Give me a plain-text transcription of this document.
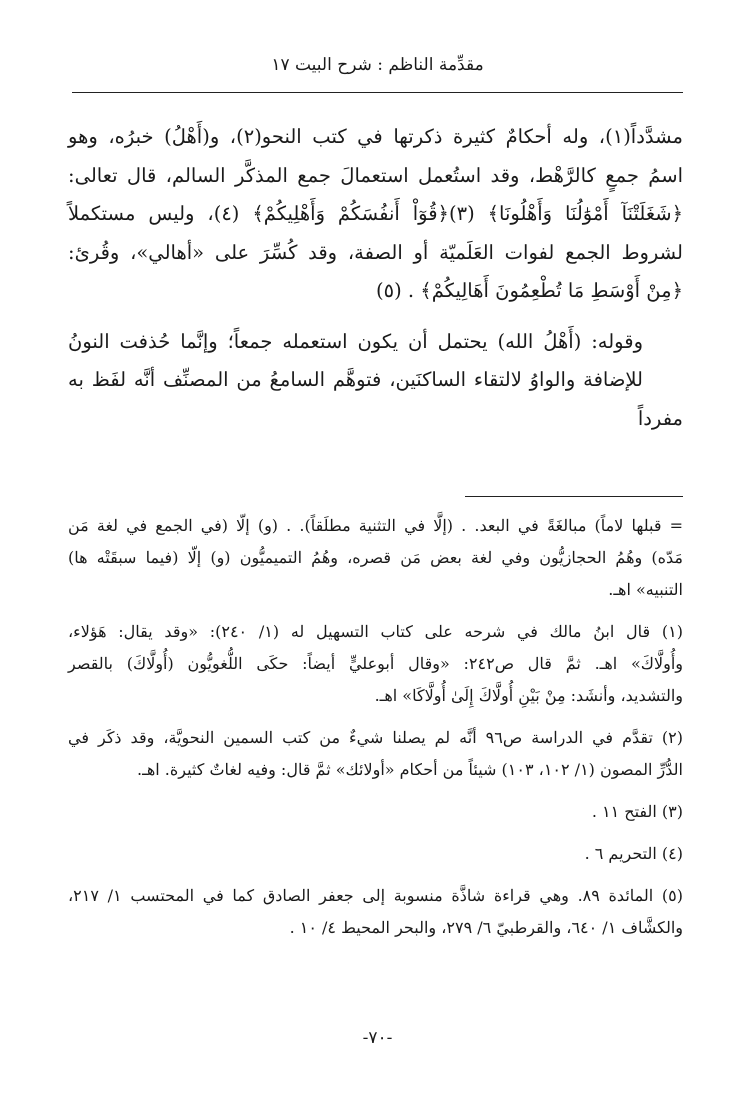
مقدِّمة الناظم : شرح البيت ١٧

مشدَّداً(١)، وله أحكامٌ كثيرة ذكرتها في كتب النحو(٢)، و(أَهْلُ) خبرُه، وهو
اسمُ جمعٍ كالرَّهْط، وقد استُعمل استعمالَ جمع المذكَّر السالم، قال تعالى:
﴿شَغَلَتْنَآ أَمْوَٰلُنَا وَأَهْلُونَا﴾ (٣)﴿قُوٓاْ أَنفُسَكُمْ وَأَهْلِيكُمْ﴾ (٤)، وليس مستكملاً
لشروط الجمع لفوات العَلَميّة أو الصفة، وقد كُسِّرَ على «أهالي»، وقُرئ:
﴿مِنْ أَوْسَطِ مَا تُطْعِمُونَ أَهَالِيكُمْ﴾ . (٥)

وقوله: (أَهْلُ الله) يحتمل أن يكون استعمله جمعاً؛ وإنَّما حُذفت النونُ
للإضافة والواوُ لالتقاء الساكنَين، فتوهَّم السامعُ من المصنِّف أنَّه لفَظ به مفرداً

= قبلها لاماً) مبالغَةً في البعد. . (إلَّا في التثنية مطلَقاً). . (و) إلّا (في الجمع في لغة مَن
مَدّه) وهُمُ الحجازيُّون وفي لغة بعض مَن قصره، وهُمُ التميميُّون (و) إلّا (فيما سبقَتْه ها)
التنبيه» اهـ.

(١) قال ابنُ مالك في شرحه على كتاب التسهيل له (١/ ٢٤٠): «وقد يقال: هَؤلاء،
وأُولَّاكَ» اهـ. ثمَّ قال ص٢٤٢: «وقال أبوعليٍّ أيضاً: حكَى اللُّغويُّون (أُولَّاكَ) بالقصر
والتشديد، وأنشَد: مِنْ بَيْنِ أُولَّاكَ إِلَىٰ أُولَّاكَا» اهـ.

(٢) تقدَّم في الدراسة ص٩٦ أنَّه لم يصلنا شيءٌ من كتب السمين النحويَّة، وقد ذكَر في
الدُّرِّ المصون (١/ ١٠٢، ١٠٣) شيئاً من أحكام «أولائك» ثمَّ قال: وفيه لغاتٌ كثيرة. اهـ.

(٣) الفتح ١١ .

(٤) التحريم ٦ .

(٥) المائدة ٨٩. وهي قراءة شاذَّة منسوبة إلى جعفر الصادق كما في المحتسب ١/ ٢١٧،
والكشَّاف ١/ ٦٤٠، والقرطبيّ ٦/ ٢٧٩، والبحر المحيط ٤/ ١٠ .

-٧٠-
